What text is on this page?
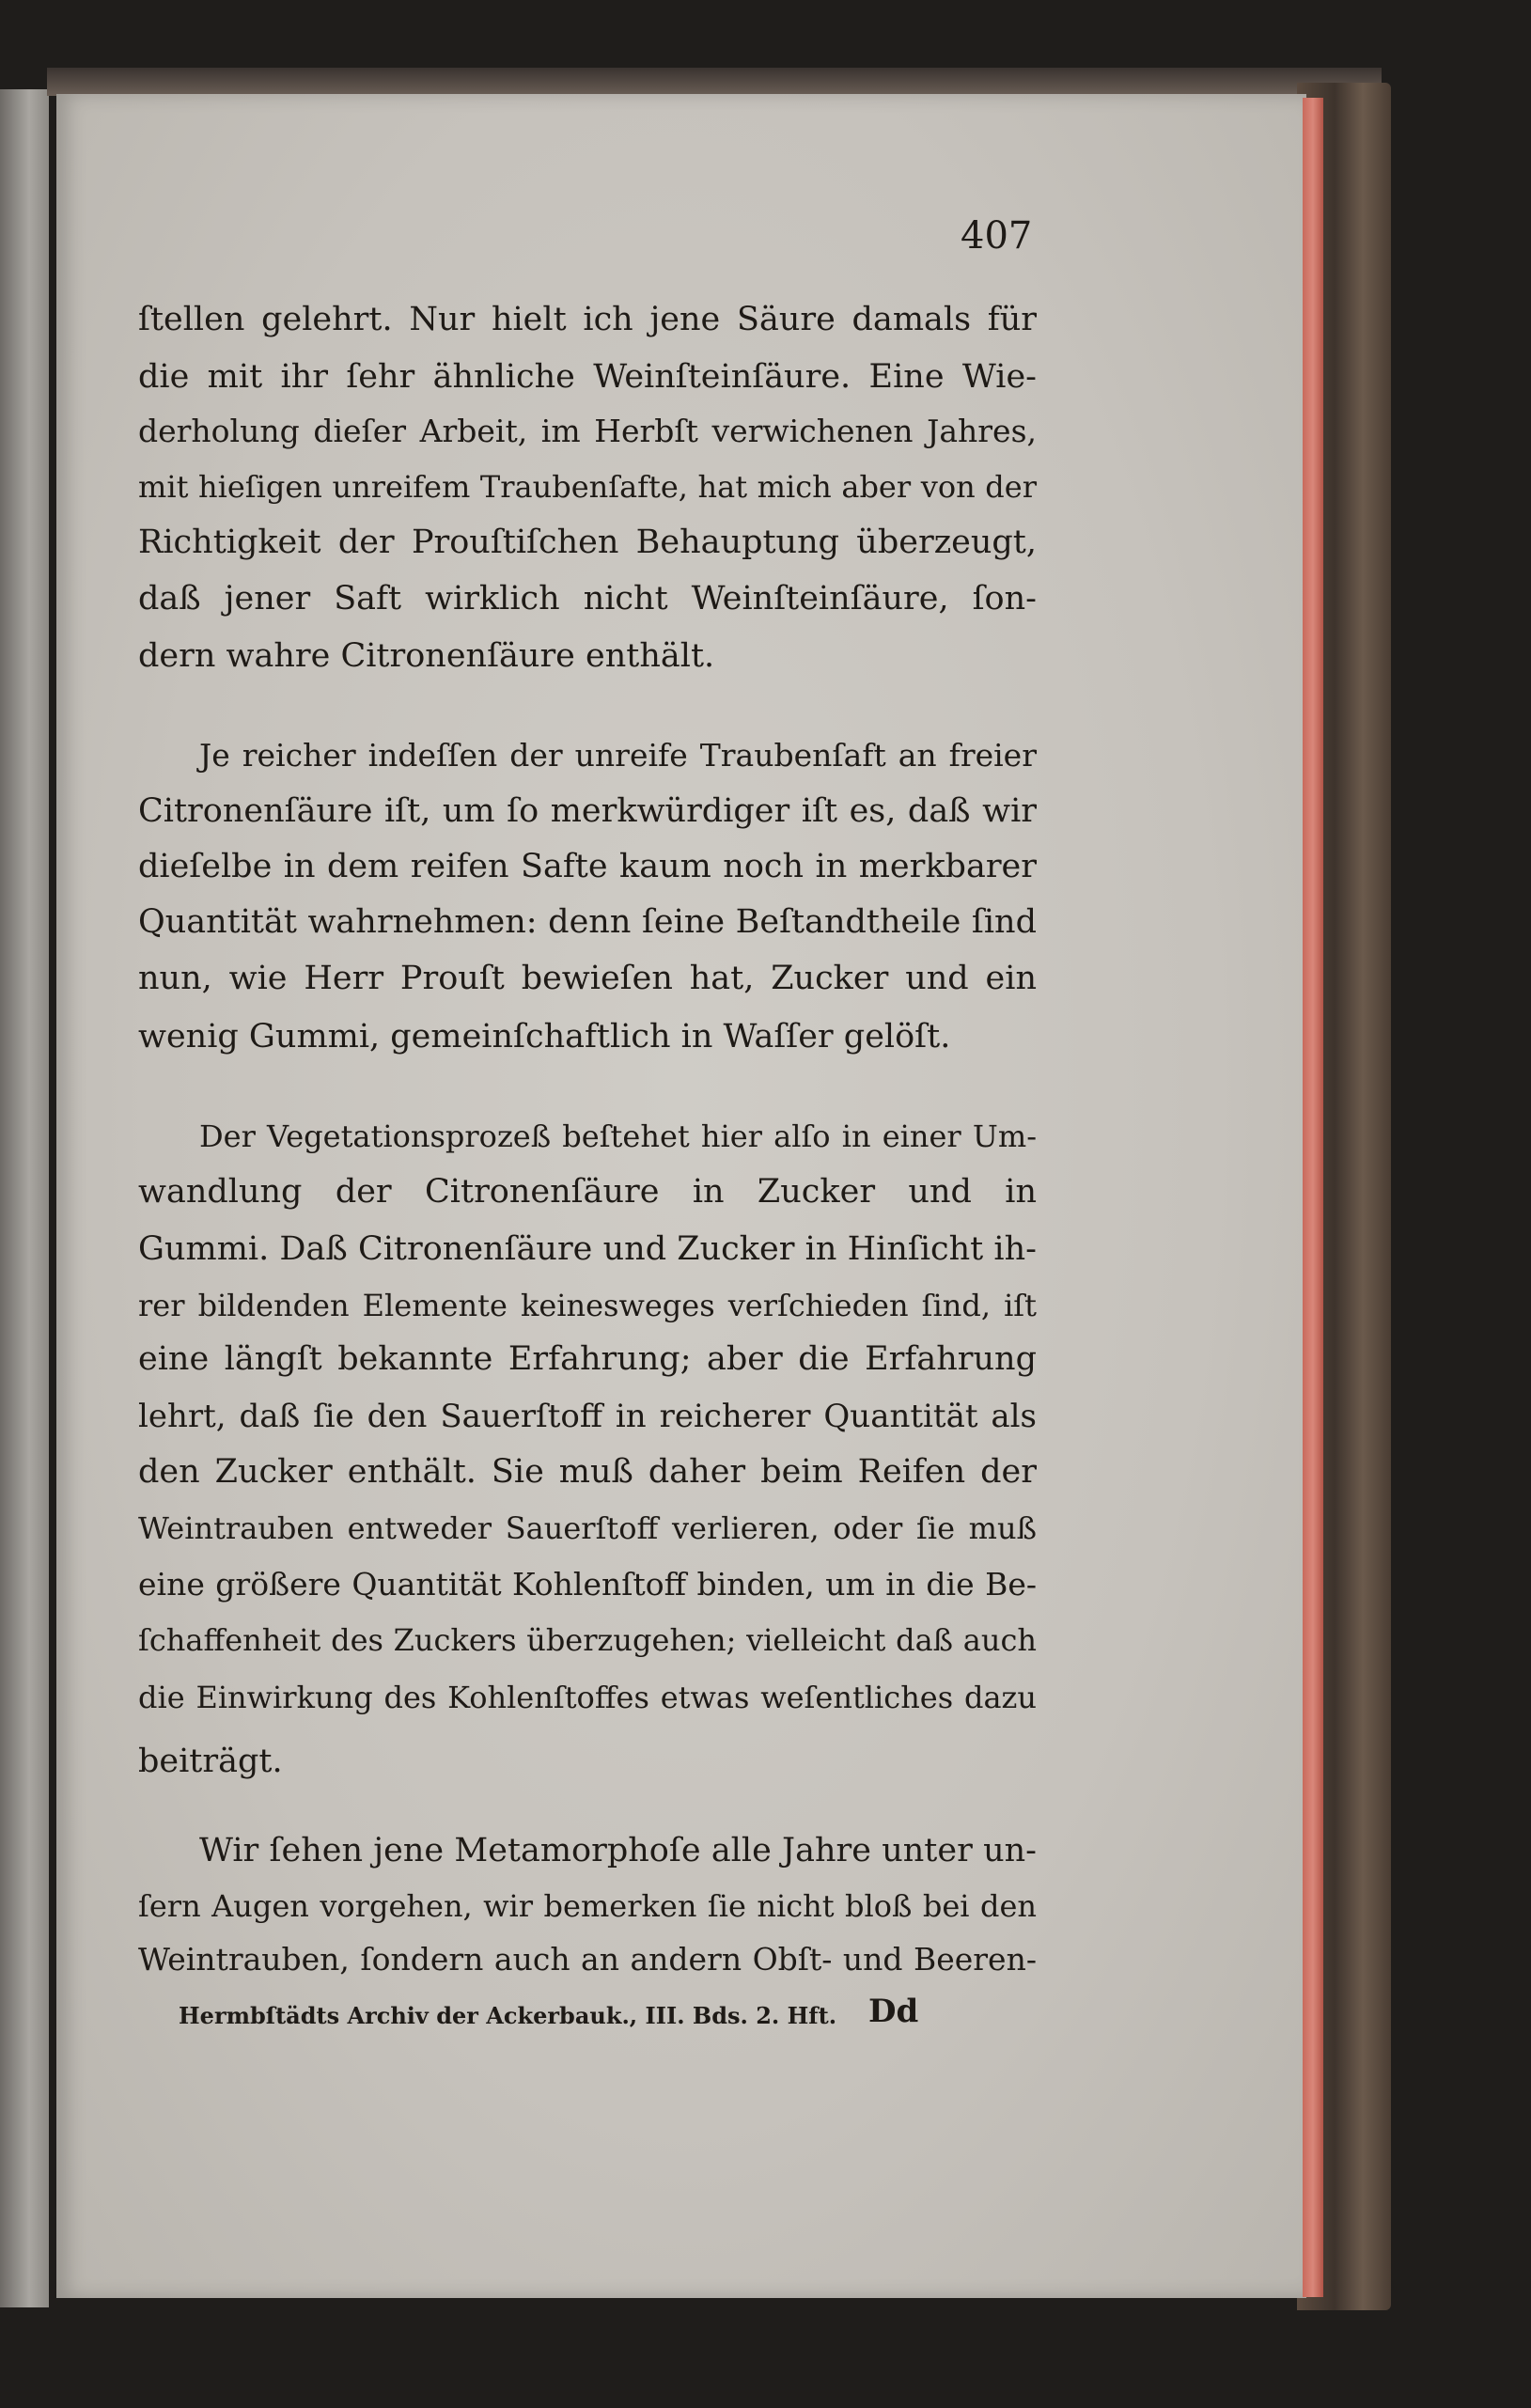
407
ſtellen gelehrt. Nur hielt ich jene Säure damals für
die mit ihr ſehr ähnliche Weinſteinſäure. Eine Wie-
derholung dieſer Arbeit, im Herbſt verwichenen Jahres,
mit hieſigen unreifem Traubenſafte, hat mich aber von der
Richtigkeit der Prouſtiſchen Behauptung überzeugt,
daß jener Saft wirklich nicht Weinſteinſäure, ſon-
dern wahre Citronenſäure enthält.
Je reicher indeſſen der unreife Traubenſaft an freier
Citronenſäure iſt, um ſo merkwürdiger iſt es, daß wir
dieſelbe in dem reifen Safte kaum noch in merkbarer
Quantität wahrnehmen: denn ſeine Beſtandtheile ſind
nun, wie Herr Prouſt bewieſen hat, Zucker und ein
wenig Gummi, gemeinſchaftlich in Waſſer gelöſt.
Der Vegetationsprozeß beſtehet hier alſo in einer Um-
wandlung der Citronenſäure in Zucker und in
Gummi. Daß Citronenſäure und Zucker in Hinſicht ih-
rer bildenden Elemente keinesweges verſchieden ſind, iſt
eine längſt bekannte Erfahrung; aber die Erfahrung
lehrt, daß ſie den Sauerſtoff in reicherer Quantität als
den Zucker enthält. Sie muß daher beim Reifen der
Weintrauben entweder Sauerſtoff verlieren, oder ſie muß
eine größere Quantität Kohlenſtoff binden, um in die Be-
ſchaffenheit des Zuckers überzugehen; vielleicht daß auch
die Einwirkung des Kohlenſtoffes etwas weſentliches dazu
beiträgt.
Wir ſehen jene Metamorphoſe alle Jahre unter un-
ſern Augen vorgehen, wir bemerken ſie nicht bloß bei den
Weintrauben, ſondern auch an andern Obſt- und Beeren-
Hermbſtädts Archiv der Ackerbauk., III. Bds. 2. Hft. Dd
